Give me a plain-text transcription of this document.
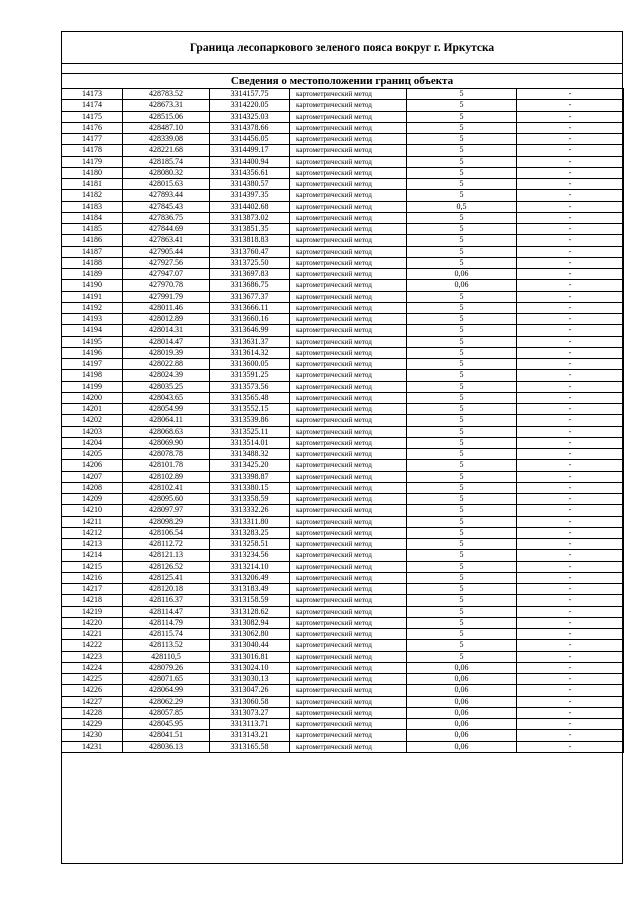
Граница лесопаркового зеленого пояса вокруг г. Иркутска
Сведения о местоположении границ объекта
14173	428783.52	3314157.75	картометрический метод	5	-
14174	428673.31	3314220.05	картометрический метод	5	-
14175	428515.06	3314325.03	картометрический метод	5	-
14176	428487.10	3314378.66	картометрический метод	5	-
14177	428339.08	3314456.05	картометрический метод	5	-
14178	428221.68	3314499.17	картометрический метод	5	-
14179	428185.74	3314400.94	картометрический метод	5	-
14180	428080.32	3314356.61	картометрический метод	5	-
14181	428015.63	3314380.57	картометрический метод	5	-
14182	427893.44	3314397.35	картометрический метод	5	-
14183	427845.43	3314402.68	картометрический метод	0,5	-
14184	427836.75	3313873.02	картометрический метод	5	-
14185	427844.69	3313851.35	картометрический метод	5	-
14186	427863.41	3313818.83	картометрический метод	5	-
14187	427905.44	3313760.47	картометрический метод	5	-
14188	427927.56	3313725.50	картометрический метод	5	-
14189	427947.07	3313697.83	картометрический метод	0,06	-
14190	427970.78	3313686.75	картометрический метод	0,06	-
14191	427991.79	3313677.37	картометрический метод	5	-
14192	428011.46	3313666.11	картометрический метод	5	-
14193	428012.89	3313660.16	картометрический метод	5	-
14194	428014.31	3313646.99	картометрический метод	5	-
14195	428014.47	3313631.37	картометрический метод	5	-
14196	428019.39	3313614.32	картометрический метод	5	-
14197	428022.88	3313600.05	картометрический метод	5	-
14198	428024.39	3313591.25	картометрический метод	5	-
14199	428035.25	3313573.56	картометрический метод	5	-
14200	428043.65	3313565.48	картометрический метод	5	-
14201	428054.99	3313552.15	картометрический метод	5	-
14202	428064.11	3313539.86	картометрический метод	5	-
14203	428068.63	3313525.11	картометрический метод	5	-
14204	428069.90	3313514.01	картометрический метод	5	-
14205	428078.78	3313488.32	картометрический метод	5	-
14206	428101.78	3313425.20	картометрический метод	5	-
14207	428102.89	3313398.87	картометрический метод	5	-
14208	428102.41	3313380.15	картометрический метод	5	-
14209	428095.60	3313358.59	картометрический метод	5	-
14210	428097.97	3313332.26	картометрический метод	5	-
14211	428098.29	3313311.80	картометрический метод	5	-
14212	428106.54	3313283.25	картометрический метод	5	-
14213	428112.72	3313258.51	картометрический метод	5	-
14214	428121.13	3313234.56	картометрический метод	5	-
14215	428126.52	3313214.10	картометрический метод	5	-
14216	428125.41	3313206.49	картометрический метод	5	-
14217	428120.18	3313183.49	картометрический метод	5	-
14218	428116.37	3313158.59	картометрический метод	5	-
14219	428114.47	3313128.62	картометрический метод	5	-
14220	428114.79	3313082.94	картометрический метод	5	-
14221	428115.74	3313062.80	картометрический метод	5	-
14222	428113.52	3313040.44	картометрический метод	5	-
14223	428110,5	3313016.81	картометрический метод	5	-
14224	428079.26	3313024.10	картометрический метод	0,06	-
14225	428071.65	3313030.13	картометрический метод	0,06	-
14226	428064.99	3313047.26	картометрический метод	0,06	-
14227	428062.29	3313060.58	картометрический метод	0,06	-
14228	428057.85	3313073.27	картометрический метод	0,06	-
14229	428045.95	3313113.71	картометрический метод	0,06	-
14230	428041.51	3313143.21	картометрический метод	0,06	-
14231	428036.13	3313165.58	картометрический метод	0,06	-
